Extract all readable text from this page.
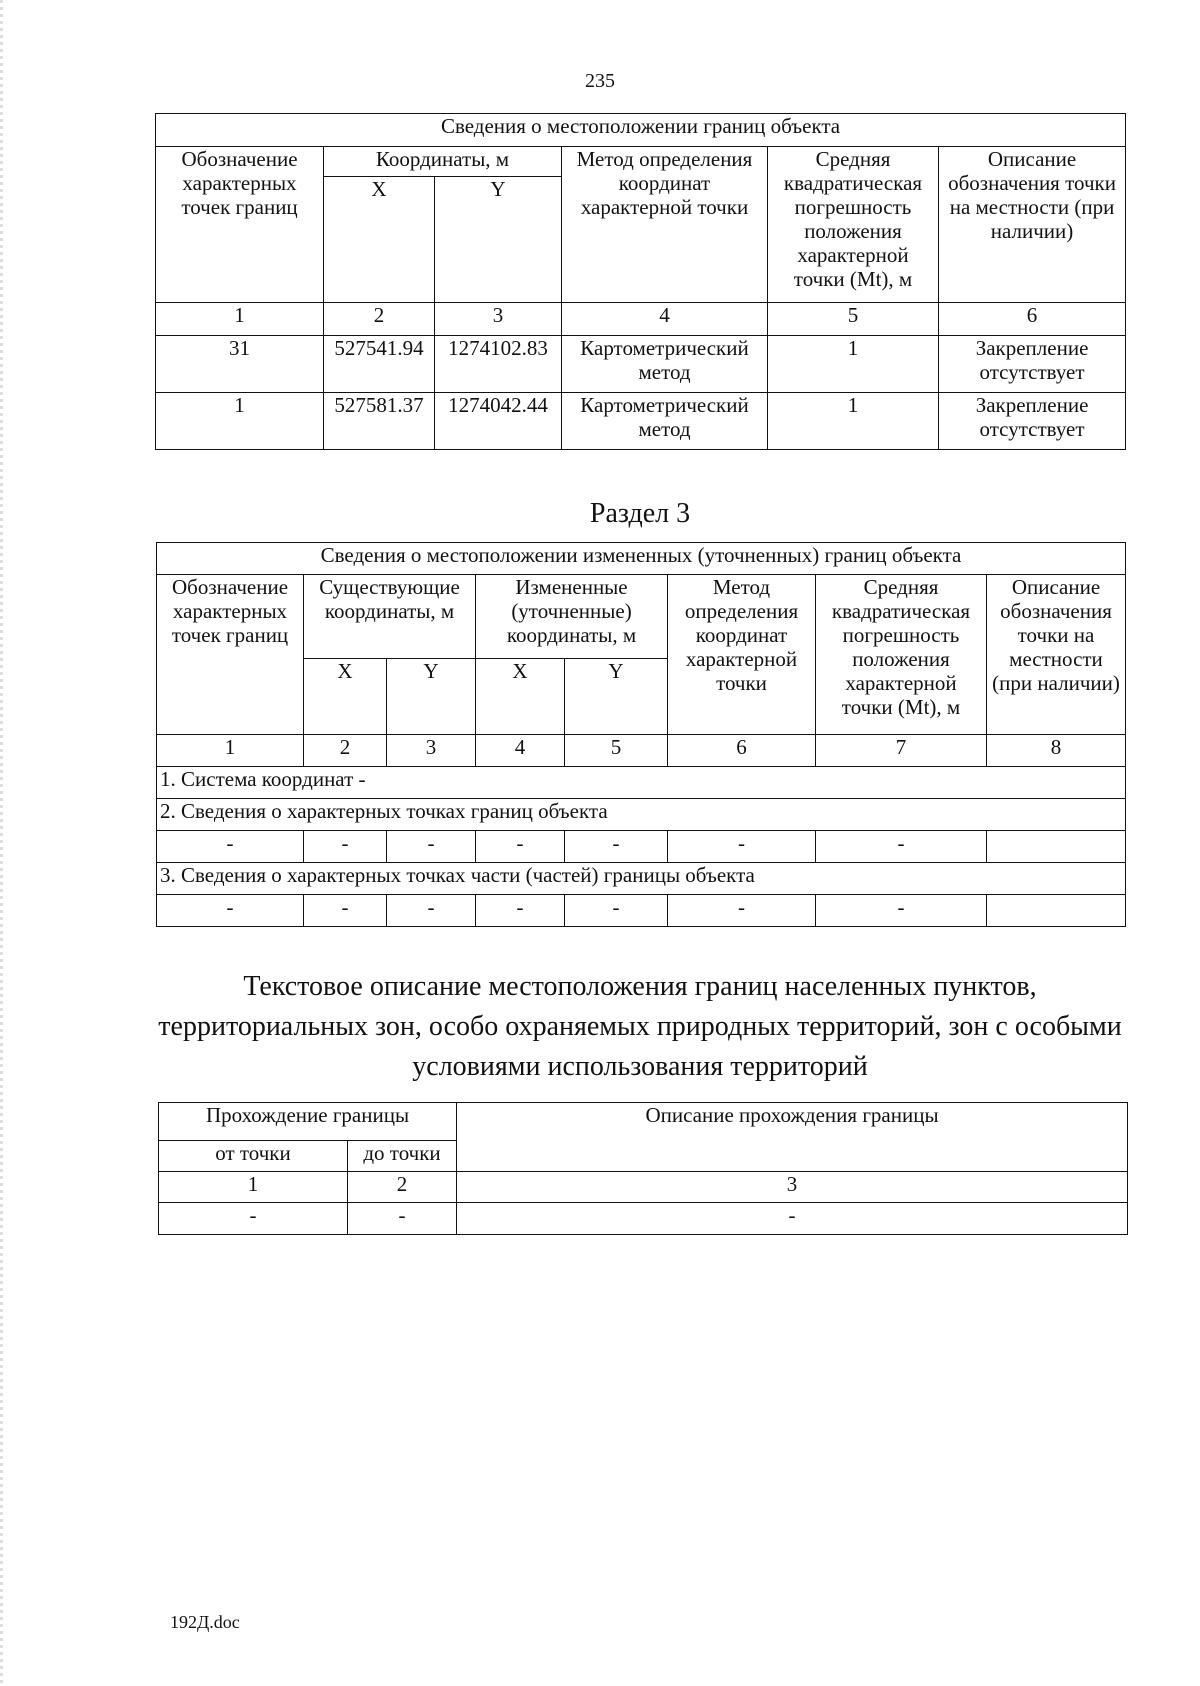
235
Сведения о местоположении границ объекта					
Обозначение характерных точек границ	Координаты, м		Метод определения координат характерной точки	Средняя квадратическая погрешность положения характерной точки (Mt), м	Описание обозначения точки на местности (при наличии)
	X	Y			
1	2	3	4	5	6
31	527541.94	1274102.83	Картометрический метод	1	Закрепление отсутствует
1	527581.37	1274042.44	Картометрический метод	1	Закрепление отсутствует
Раздел 3
Сведения о местоположении измененных (уточненных) границ объекта							
Обозначение характерных точек границ	Существующие координаты, м		Измененные (уточненные) координаты, м		Метод определения координат характерной точки	Средняя квадратическая погрешность положения характерной точки (Mt), м	Описание обозначения точки на местности (при наличии)
	X	Y	X	Y			
1	2	3	4	5	6	7	8
1. Система координат -							
2. Сведения о характерных точках границ объекта							
-	-	-	-	-	-	-	
3. Сведения о характерных точках части (частей) границы объекта							
-	-	-	-	-	-	-	
Текстовое описание местоположения границ населенных пунктов, территориальных зон, особо охраняемых природных территорий, зон с особыми условиями использования территорий
Прохождение границы		Описание прохождения границы
от точки	до точки	
1	2	3
-	-	-
192Д.doc
